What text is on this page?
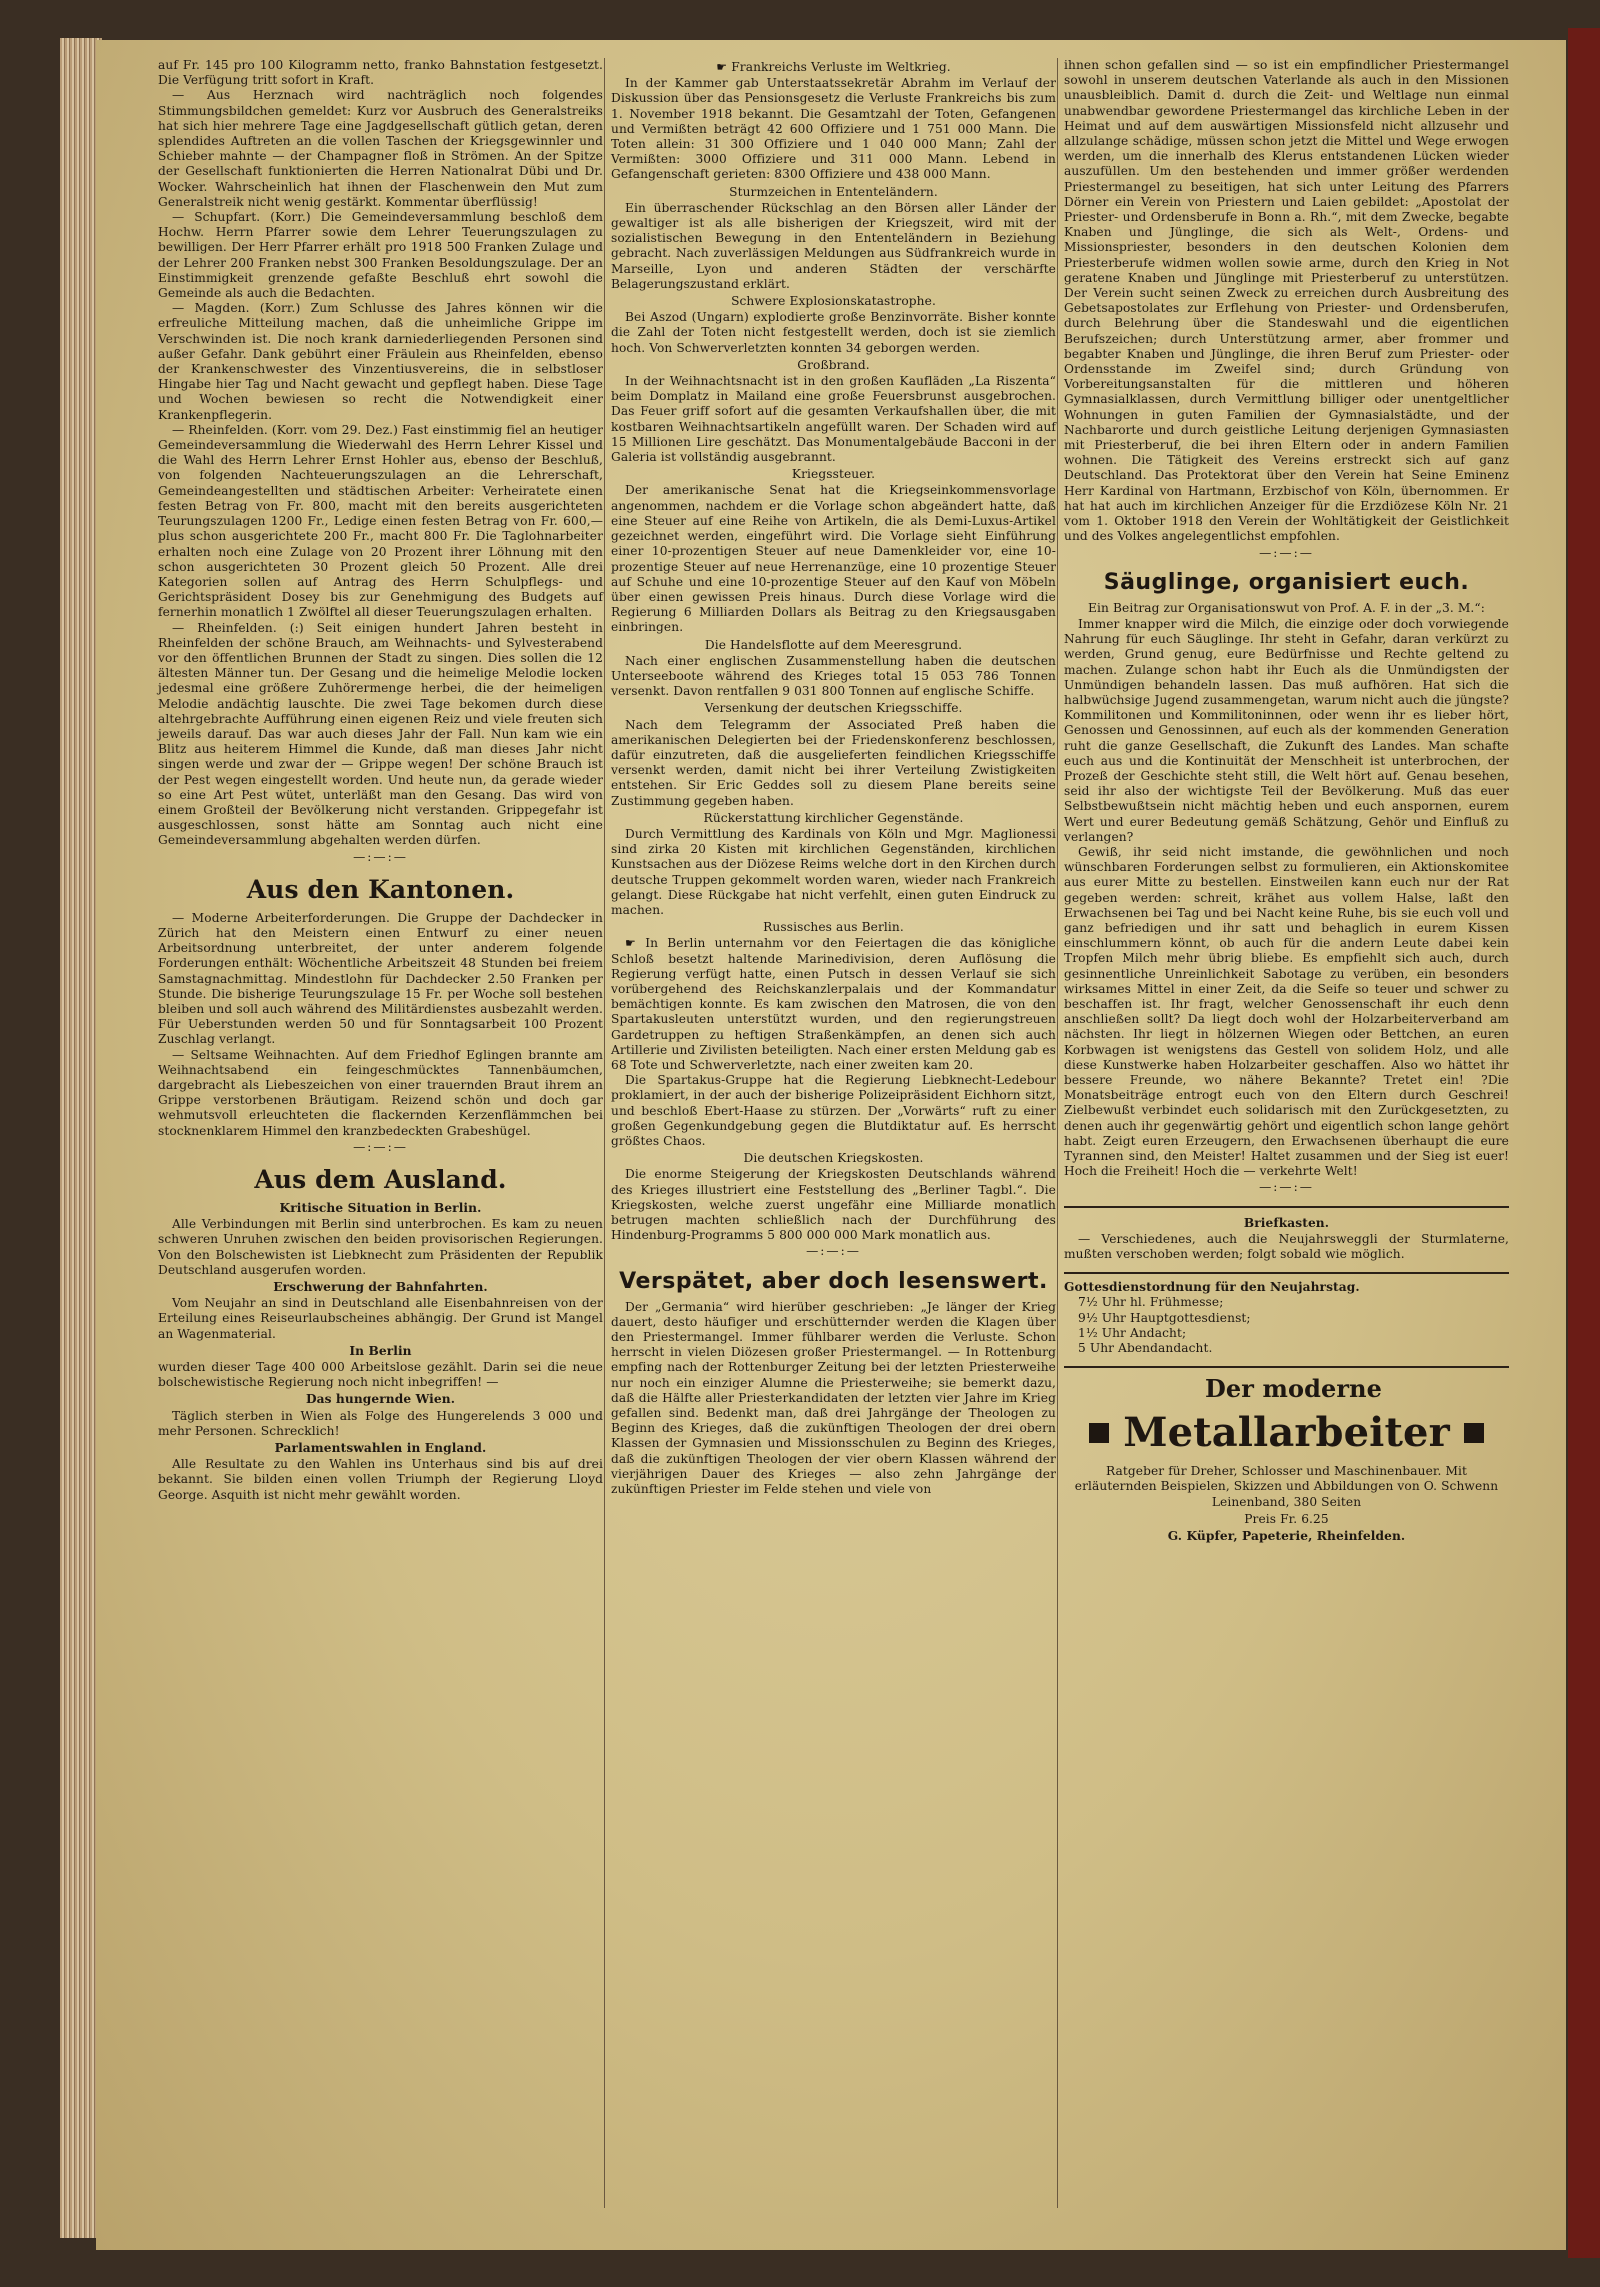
auf Fr. 145 pro 100 Kilogramm netto, franko Bahnstation festgesetzt. Die Verfügung tritt sofort in Kraft.

— Aus Herznach wird nachträglich noch folgendes Stimmungsbildchen gemeldet: Kurz vor Ausbruch des Generalstreiks hat sich hier mehrere Tage eine Jagdgesellschaft gütlich getan, deren splendides Auftreten an die vollen Taschen der Kriegsgewinnler und Schieber mahnte — der Champagner floß in Strömen. An der Spitze der Gesellschaft funktionierten die Herren Nationalrat Dübi und Dr. Wocker. Wahrscheinlich hat ihnen der Flaschenwein den Mut zum Generalstreik nicht wenig gestärkt. Kommentar überflüssig!

— Schupfart. (Korr.) Die Gemeindeversammlung beschloß dem Hochw. Herrn Pfarrer sowie dem Lehrer Teuerungszulagen zu bewilligen. Der Herr Pfarrer erhält pro 1918 500 Franken Zulage und der Lehrer 200 Franken nebst 300 Franken Besoldungszulage. Der an Einstimmigkeit grenzende gefaßte Beschluß ehrt sowohl die Gemeinde als auch die Bedachten.

— Magden. (Korr.) Zum Schlusse des Jahres können wir die erfreuliche Mitteilung machen, daß die unheimliche Grippe im Verschwinden ist. Die noch krank darniederliegenden Personen sind außer Gefahr. Dank gebührt einer Fräulein aus Rheinfelden, ebenso der Krankenschwester des Vinzentiusvereins, die in selbstloser Hingabe hier Tag und Nacht gewacht und gepflegt haben. Diese Tage und Wochen bewiesen so recht die Notwendigkeit einer Krankenpflegerin.

— Rheinfelden. (Korr. vom 29. Dez.) Fast einstimmig fiel an heutiger Gemeindeversammlung die Wiederwahl des Herrn Lehrer Kissel und die Wahl des Herrn Lehrer Ernst Hohler aus, ebenso der Beschluß, von folgenden Nachteuerungszulagen an die Lehrerschaft, Gemeindeangestellten und städtischen Arbeiter: Verheiratete einen festen Betrag von Fr. 800, macht mit den bereits ausgerichteten Teurungszulagen 1200 Fr., Ledige einen festen Betrag von Fr. 600,— plus schon ausgerichtete 200 Fr., macht 800 Fr. Die Taglohnarbeiter erhalten noch eine Zulage von 20 Prozent ihrer Löhnung mit den schon ausgerichteten 30 Prozent gleich 50 Prozent. Alle drei Kategorien sollen auf Antrag des Herrn Schulpflegs- und Gerichtspräsident Dosey bis zur Genehmigung des Budgets auf fernerhin monatlich 1 Zwölftel all dieser Teuerungszulagen erhalten.

— Rheinfelden. (:) Seit einigen hundert Jahren besteht in Rheinfelden der schöne Brauch, am Weihnachts- und Sylvesterabend vor den öffentlichen Brunnen der Stadt zu singen. Dies sollen die 12 ältesten Männer tun. Der Gesang und die heimelige Melodie locken jedesmal eine größere Zuhörermenge herbei, die der heimeligen Melodie andächtig lauschte. Die zwei Tage bekomen durch diese altehrgebrachte Aufführung einen eigenen Reiz und viele freuten sich jeweils darauf. Das war auch dieses Jahr der Fall. Nun kam wie ein Blitz aus heiterem Himmel die Kunde, daß man dieses Jahr nicht singen werde und zwar der — Grippe wegen! Der schöne Brauch ist der Pest wegen eingestellt worden. Und heute nun, da gerade wieder so eine Art Pest wütet, unterläßt man den Gesang. Das wird von einem Großteil der Bevölkerung nicht verstanden. Grippegefahr ist ausgeschlossen, sonst hätte am Sonntag auch nicht eine Gemeindeversammlung abgehalten werden dürfen.

—:—:—

Aus den Kantonen.

— Moderne Arbeiterforderungen. Die Gruppe der Dachdecker in Zürich hat den Meistern einen Entwurf zu einer neuen Arbeitsordnung unterbreitet, der unter anderem folgende Forderungen enthält: Wöchentliche Arbeitszeit 48 Stunden bei freiem Samstagnachmittag. Mindestlohn für Dachdecker 2.50 Franken per Stunde. Die bisherige Teurungszulage 15 Fr. per Woche soll bestehen bleiben und soll auch während des Militärdienstes ausbezahlt werden. Für Ueberstunden werden 50 und für Sonntagsarbeit 100 Prozent Zuschlag verlangt.

— Seltsame Weihnachten. Auf dem Friedhof Eglingen brannte am Weihnachtsabend ein feingeschmücktes Tannenbäumchen, dargebracht als Liebeszeichen von einer trauernden Braut ihrem an Grippe verstorbenen Bräutigam. Reizend schön und doch gar wehmutsvoll erleuchteten die flackernden Kerzenflämmchen bei stocknenklarem Himmel den kranzbedeckten Grabeshügel.

—:—:—

Aus dem Ausland.

Kritische Situation in Berlin.

Alle Verbindungen mit Berlin sind unterbrochen. Es kam zu neuen schweren Unruhen zwischen den beiden provisorischen Regierungen. Von den Bolschewisten ist Liebknecht zum Präsidenten der Republik Deutschland ausgerufen worden.

Erschwerung der Bahnfahrten.

Vom Neujahr an sind in Deutschland alle Eisenbahnreisen von der Erteilung eines Reiseurlaubscheines abhängig. Der Grund ist Mangel an Wagenmaterial.

In Berlin

wurden dieser Tage 400 000 Arbeitslose gezählt. Darin sei die neue bolschewistische Regierung noch nicht inbegriffen! —

Das hungernde Wien.

Täglich sterben in Wien als Folge des Hungerelends 3 000 und mehr Personen. Schrecklich!

Parlamentswahlen in England.

Alle Resultate zu den Wahlen ins Unterhaus sind bis auf drei bekannt. Sie bilden einen vollen Triumph der Regierung Lloyd George. Asquith ist nicht mehr gewählt worden.

☛ Frankreichs Verluste im Weltkrieg.

In der Kammer gab Unterstaatssekretär Abrahm im Verlauf der Diskussion über das Pensionsgesetz die Verluste Frankreichs bis zum 1. November 1918 bekannt. Die Gesamtzahl der Toten, Gefangenen und Vermißten beträgt 42 600 Offiziere und 1 751 000 Mann. Die Toten allein: 31 300 Offiziere und 1 040 000 Mann; Zahl der Vermißten: 3000 Offiziere und 311 000 Mann. Lebend in Gefangenschaft gerieten: 8300 Offiziere und 438 000 Mann.

Sturmzeichen in Ententeländern.

Ein überraschender Rückschlag an den Börsen aller Länder der gewaltiger ist als alle bisherigen der Kriegszeit, wird mit der sozialistischen Bewegung in den Ententeländern in Beziehung gebracht. Nach zuverlässigen Meldungen aus Südfrankreich wurde in Marseille, Lyon und anderen Städten der verschärfte Belagerungszustand erklärt.

Schwere Explosionskatastrophe.

Bei Aszod (Ungarn) explodierte große Benzinvorräte. Bisher konnte die Zahl der Toten nicht festgestellt werden, doch ist sie ziemlich hoch. Von Schwerverletzten konnten 34 geborgen werden.

Großbrand.

In der Weihnachtsnacht ist in den großen Kaufläden „La Riszenta“ beim Domplatz in Mailand eine große Feuersbrunst ausgebrochen. Das Feuer griff sofort auf die gesamten Verkaufshallen über, die mit kostbaren Weihnachtsartikeln angefüllt waren. Der Schaden wird auf 15 Millionen Lire geschätzt. Das Monumentalgebäude Bacconi in der Galeria ist vollständig ausgebrannt.

Kriegssteuer.

Der amerikanische Senat hat die Kriegseinkommensvorlage angenommen, nachdem er die Vorlage schon abgeändert hatte, daß eine Steuer auf eine Reihe von Artikeln, die als Demi-Luxus-Artikel gezeichnet werden, eingeführt wird. Die Vorlage sieht Einführung einer 10-prozentigen Steuer auf neue Damenkleider vor, eine 10-prozentige Steuer auf neue Herrenanzüge, eine 10 prozentige Steuer auf Schuhe und eine 10-prozentige Steuer auf den Kauf von Möbeln über einen gewissen Preis hinaus. Durch diese Vorlage wird die Regierung 6 Milliarden Dollars als Beitrag zu den Kriegsausgaben einbringen.

Die Handelsflotte auf dem Meeresgrund.

Nach einer englischen Zusammenstellung haben die deutschen Unterseeboote während des Krieges total 15 053 786 Tonnen versenkt. Davon rentfallen 9 031 800 Tonnen auf englische Schiffe.

Versenkung der deutschen Kriegsschiffe.

Nach dem Telegramm der Associated Preß haben die amerikanischen Delegierten bei der Friedenskonferenz beschlossen, dafür einzutreten, daß die ausgelieferten feindlichen Kriegsschiffe versenkt werden, damit nicht bei ihrer Verteilung Zwistigkeiten entstehen. Sir Eric Geddes soll zu diesem Plane bereits seine Zustimmung gegeben haben.

Rückerstattung kirchlicher Gegenstände.

Durch Vermittlung des Kardinals von Köln und Mgr. Maglionessi sind zirka 20 Kisten mit kirchlichen Gegenständen, kirchlichen Kunstsachen aus der Diözese Reims welche dort in den Kirchen durch deutsche Truppen gekommelt worden waren, wieder nach Frankreich gelangt. Diese Rückgabe hat nicht verfehlt, einen guten Eindruck zu machen.

Russisches aus Berlin.

☛ In Berlin unternahm vor den Feiertagen die das königliche Schloß besetzt haltende Marinedivision, deren Auflösung die Regierung verfügt hatte, einen Putsch in dessen Verlauf sie sich vorübergehend des Reichskanzlerpalais und der Kommandatur bemächtigen konnte. Es kam zwischen den Matrosen, die von den Spartakusleuten unterstützt wurden, und den regierungstreuen Gardetruppen zu heftigen Straßenkämpfen, an denen sich auch Artillerie und Zivilisten beteiligten. Nach einer ersten Meldung gab es 68 Tote und Schwerverletzte, nach einer zweiten kam 20.

Die Spartakus-Gruppe hat die Regierung Liebknecht-Ledebour proklamiert, in der auch der bisherige Polizeipräsident Eichhorn sitzt, und beschloß Ebert-Haase zu stürzen. Der „Vorwärts“ ruft zu einer großen Gegenkundgebung gegen die Blutdiktatur auf. Es herrscht größtes Chaos.

Die deutschen Kriegskosten.

Die enorme Steigerung der Kriegskosten Deutschlands während des Krieges illustriert eine Feststellung des „Berliner Tagbl.“. Die Kriegskosten, welche zuerst ungefähr eine Milliarde monatlich betrugen machten schließlich nach der Durchführung des Hindenburg-Programms 5 800 000 000 Mark monatlich aus.

—:—:—

Verspätet, aber doch lesenswert.

Der „Germania“ wird hierüber geschrieben: „Je länger der Krieg dauert, desto häufiger und erschütternder werden die Klagen über den Priestermangel. Immer fühlbarer werden die Verluste. Schon herrscht in vielen Diözesen großer Priestermangel. — In Rottenburg empfing nach der Rottenburger Zeitung bei der letzten Priesterweihe nur noch ein einziger Alumne die Priesterweihe; sie bemerkt dazu, daß die Hälfte aller Priesterkandidaten der letzten vier Jahre im Krieg gefallen sind. Bedenkt man, daß drei Jahrgänge der Theologen zu Beginn des Krieges, daß die zukünftigen Theologen der drei obern Klassen der Gymnasien und Missionsschulen zu Beginn des Krieges, daß die zukünftigen Theologen der vier obern Klassen während der vierjährigen Dauer des Krieges — also zehn Jahrgänge der zukünftigen Priester im Felde stehen und viele von

ihnen schon gefallen sind — so ist ein empfindlicher Priestermangel sowohl in unserem deutschen Vaterlande als auch in den Missionen unausbleiblich. Damit d. durch die Zeit- und Weltlage nun einmal unabwendbar gewordene Priestermangel das kirchliche Leben in der Heimat und auf dem auswärtigen Missionsfeld nicht allzusehr und allzulange schädige, müssen schon jetzt die Mittel und Wege erwogen werden, um die innerhalb des Klerus entstandenen Lücken wieder auszufüllen. Um den bestehenden und immer größer werdenden Priestermangel zu beseitigen, hat sich unter Leitung des Pfarrers Dörner ein Verein von Priestern und Laien gebildet: „Apostolat der Priester- und Ordensberufe in Bonn a. Rh.“, mit dem Zwecke, begabte Knaben und Jünglinge, die sich als Welt-, Ordens- und Missionspriester, besonders in den deutschen Kolonien dem Priesterberufe widmen wollen sowie arme, durch den Krieg in Not geratene Knaben und Jünglinge mit Priesterberuf zu unterstützen. Der Verein sucht seinen Zweck zu erreichen durch Ausbreitung des Gebetsapostolates zur Erflehung von Priester- und Ordensberufen, durch Belehrung über die Standeswahl und die eigentlichen Berufszeichen; durch Unterstützung armer, aber frommer und begabter Knaben und Jünglinge, die ihren Beruf zum Priester- oder Ordensstande im Zweifel sind; durch Gründung von Vorbereitungsanstalten für die mittleren und höheren Gymnasialklassen, durch Vermittlung billiger oder unentgeltlicher Wohnungen in guten Familien der Gymnasialstädte, und der Nachbarorte und durch geistliche Leitung derjenigen Gymnasiasten mit Priesterberuf, die bei ihren Eltern oder in andern Familien wohnen. Die Tätigkeit des Vereins erstreckt sich auf ganz Deutschland. Das Protektorat über den Verein hat Seine Eminenz Herr Kardinal von Hartmann, Erzbischof von Köln, übernommen. Er hat hat auch im kirchlichen Anzeiger für die Erzdiözese Köln Nr. 21 vom 1. Oktober 1918 den Verein der Wohltätigkeit der Geistlichkeit und des Volkes angelegentlichst empfohlen.

—:—:—

Säuglinge, organisiert euch.

Ein Beitrag zur Organisationswut von Prof. A. F. in der „3. M.“:

Immer knapper wird die Milch, die einzige oder doch vorwiegende Nahrung für euch Säuglinge. Ihr steht in Gefahr, daran verkürzt zu werden, Grund genug, eure Bedürfnisse und Rechte geltend zu machen. Zulange schon habt ihr Euch als die Unmündigsten der Unmündigen behandeln lassen. Das muß aufhören. Hat sich die halbwüchsige Jugend zusammengetan, warum nicht auch die jüngste? Kommilitonen und Kommilitoninnen, oder wenn ihr es lieber hört, Genossen und Genossinnen, auf euch als der kommenden Generation ruht die ganze Gesellschaft, die Zukunft des Landes. Man schafte euch aus und die Kontinuität der Menschheit ist unterbrochen, der Prozeß der Geschichte steht still, die Welt hört auf. Genau besehen, seid ihr also der wichtigste Teil der Bevölkerung. Muß das euer Selbstbewußtsein nicht mächtig heben und euch anspornen, eurem Wert und eurer Bedeutung gemäß Schätzung, Gehör und Einfluß zu verlangen?

Gewiß, ihr seid nicht imstande, die gewöhnlichen und noch wünschbaren Forderungen selbst zu formulieren, ein Aktionskomitee aus eurer Mitte zu bestellen. Einstweilen kann euch nur der Rat gegeben werden: schreit, krähet aus vollem Halse, laßt den Erwachsenen bei Tag und bei Nacht keine Ruhe, bis sie euch voll und ganz befriedigen und ihr satt und behaglich in eurem Kissen einschlummern könnt, ob auch für die andern Leute dabei kein Tropfen Milch mehr übrig bliebe. Es empfiehlt sich auch, durch gesinnentliche Unreinlichkeit Sabotage zu verüben, ein besonders wirksames Mittel in einer Zeit, da die Seife so teuer und schwer zu beschaffen ist. Ihr fragt, welcher Genossenschaft ihr euch denn anschließen sollt? Da liegt doch wohl der Holzarbeiterverband am nächsten. Ihr liegt in hölzernen Wiegen oder Bettchen, an euren Korbwagen ist wenigstens das Gestell von solidem Holz, und alle diese Kunstwerke haben Holzarbeiter geschaffen. Also wo hättet ihr bessere Freunde, wo nähere Bekannte? Tretet ein! ?Die Monatsbeiträge entrogt euch von den Eltern durch Geschrei! Zielbewußt verbindet euch solidarisch mit den Zurückgesetzten, zu denen auch ihr gegenwärtig gehört und eigentlich schon lange gehört habt. Zeigt euren Erzeugern, den Erwachsenen überhaupt die eure Tyrannen sind, den Meister! Haltet zusammen und der Sieg ist euer! Hoch die Freiheit! Hoch die — verkehrte Welt!

—:—:—

Briefkasten.

— Verschiedenes, auch die Neujahrsweggli der Sturmlaterne, mußten verschoben werden; folgt sobald wie möglich.

Gottesdienstordnung für den Neujahrstag.

7½ Uhr hl. Frühmesse;

9½ Uhr Hauptgottesdienst;

1½ Uhr Andacht;

5 Uhr Abendandacht.

Der moderne

Metallarbeiter

Ratgeber für Dreher, Schlosser und Maschinenbauer. Mit erläuternden Beispielen, Skizzen und Abbildungen von O. Schwenn Leinenband, 380 Seiten

Preis Fr. 6.25

G. Küpfer, Papeterie, Rheinfelden.
